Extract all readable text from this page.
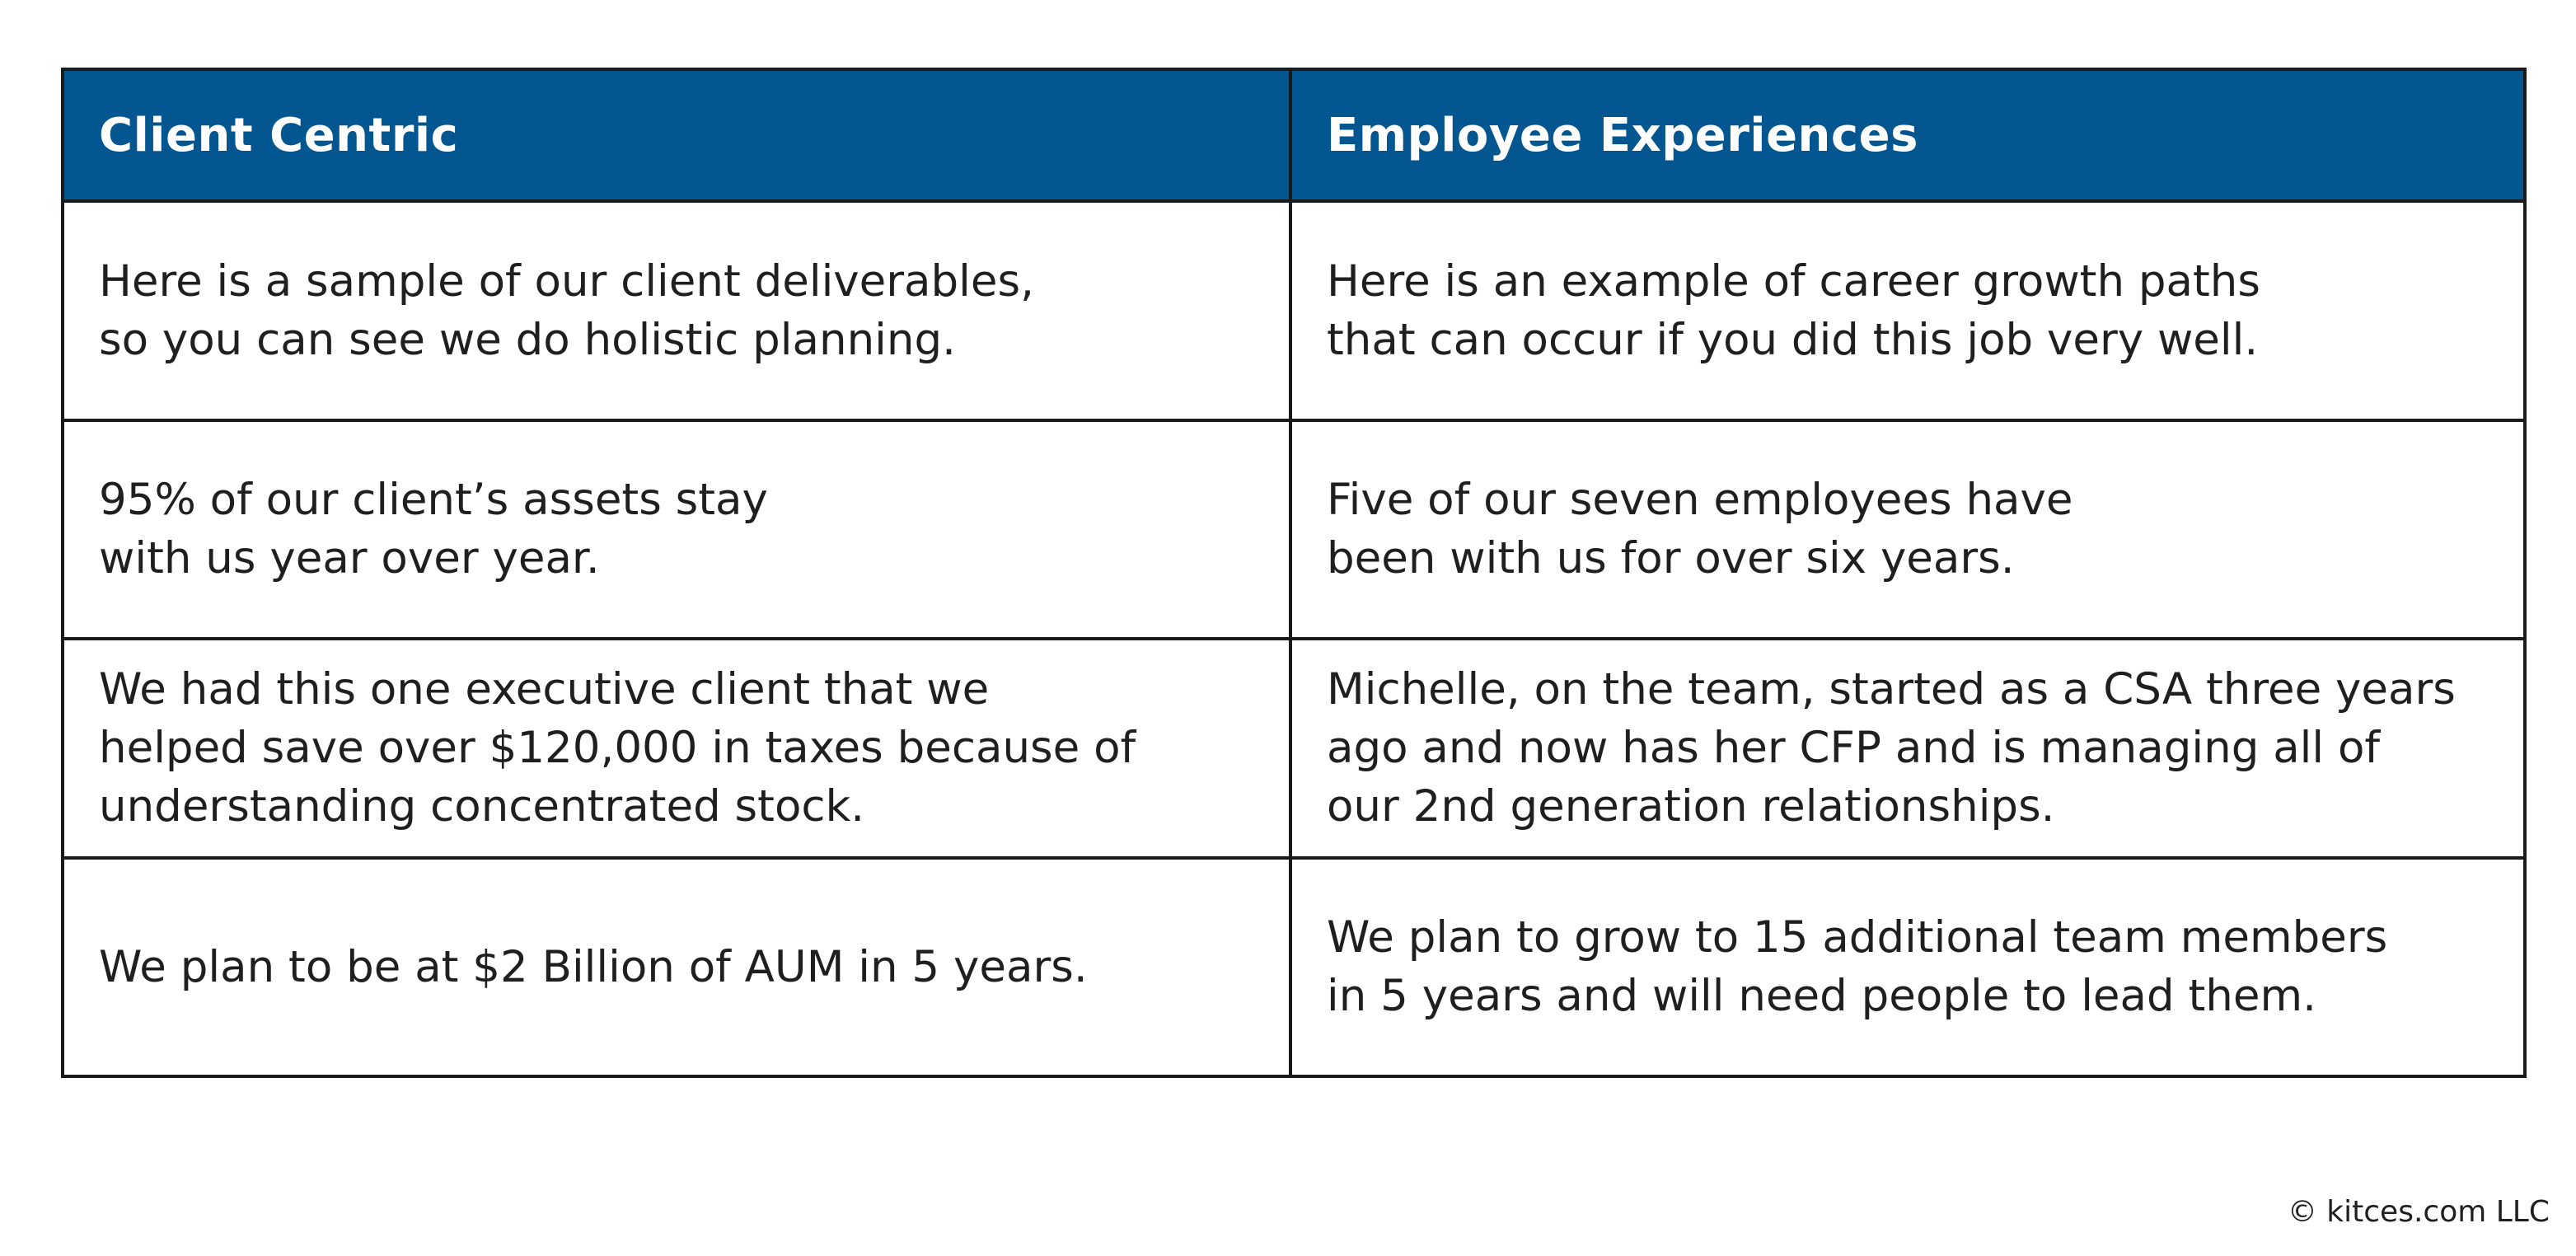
Client Centric	Employee Experiences

Here is a sample of our client deliverables,
so you can see we do holistic planning.	Here is an example of career growth paths
that can occur if you did this job very well.

95% of our client’s assets stay
with us year over year.	Five of our seven employees have
been with us for over six years.

We had this one executive client that we
helped save over $120,000 in taxes because of
understanding concentrated stock.	Michelle, on the team, started as a CSA three years
ago and now has her CFP and is managing all of
our 2nd generation relationships.

We plan to be at $2 Billion of AUM in 5 years.	We plan to grow to 15 additional team members
in 5 years and will need people to lead them.
© kitces.com LLC
